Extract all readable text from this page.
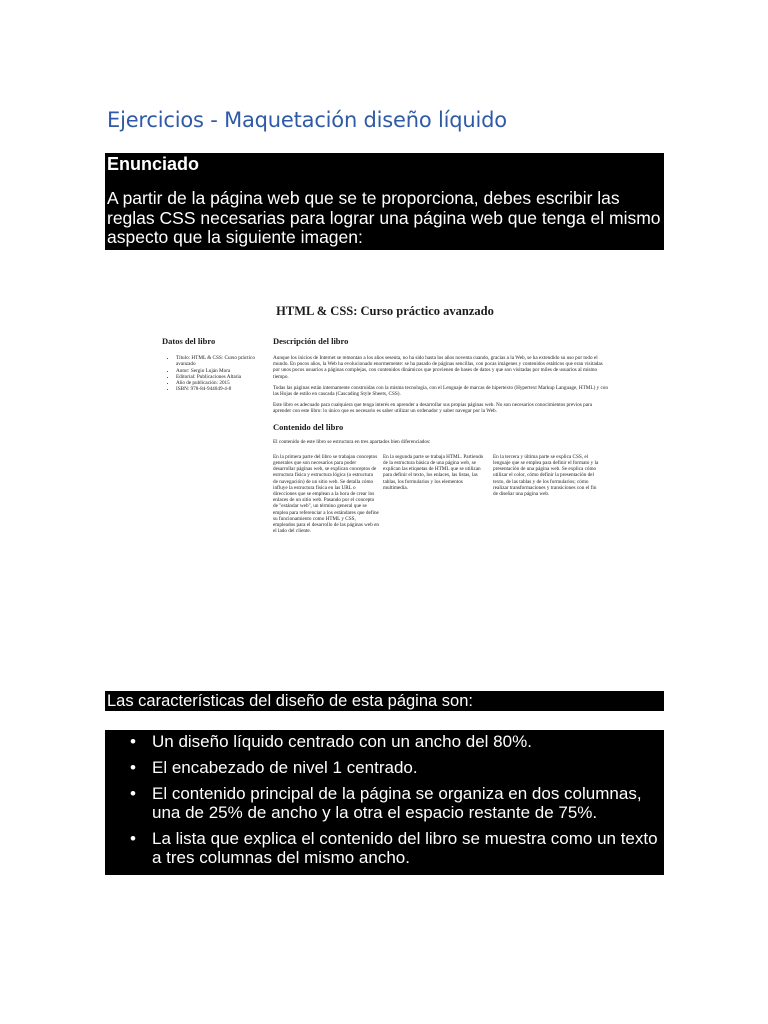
Ejercicios - Maquetación diseño líquido
Enunciado
A partir de la página web que se te proporciona, debes escribir las reglas CSS necesarias para lograr una página web que tenga el mismo aspecto que la siguiente imagen:
HTML & CSS: Curso práctico avanzado
Datos del libro
• Título: HTML & CSS: Curso práctico avanzado
• Autor: Sergio Luján Mora
• Editorial: Publicaciones Altaria
• Año de publicación: 2015
• ISBN: 978-84-944049-4-8
Descripción del libro

Aunque los inicios de Internet se remontan a los años sesenta, no ha sido hasta los años noventa cuando, gracias a la Web, se ha extendido su uso por todo el mundo. En pocos años, la Web ha evolucionado enormemente: se ha pasado de páginas sencillas, con pocas imágenes y contenidos estáticos que eran visitadas por unos pocos usuarios a páginas complejas, con contenidos dinámicos que provienen de bases de datos y que son visitadas por miles de usuarios al mismo tiempo.

Todas las páginas están internamente construidas con la misma tecnología, con el Lenguaje de marcas de hipertexto (Hypertext Markup Language, HTML) y con las Hojas de estilo en cascada (Cascading Style Sheets, CSS).

Este libro es adecuado para cualquiera que tenga interés en aprender a desarrollar sus propias páginas web. No son necesarios conocimientos previos para aprender con este libro: lo único que es necesario es saber utilizar un ordenador y saber navegar por la Web.

Contenido del libro

El contenido de este libro se estructura en tres apartados bien diferenciados:

En la primera parte del libro se trabajan conceptos generales que son necesarios para poder desarrollar páginas web, se explican conceptos de estructura física y estructura lógica (o estructura de navegación) de un sitio web. Se detalla cómo influye la estructura física en las URL o direcciones que se emplean a la hora de crear los enlaces de un sitio web. Pasando por el concepto de "estándar web", un término general que se emplea para referenciar a los estándares que define su funcionamiento como HTML y CSS, empleados para el desarrollo de las páginas web en el lado del cliente.

En la segunda parte se trabaja HTML. Partiendo de la estructura básica de una página web, se explican las etiquetas de HTML que se utilizan para definir el texto, los enlaces, las listas, las tablas, los formularios y los elementos multimedia.

En la tercera y última parte se explica CSS, el lenguaje que se emplea para definir el formato y la presentación de una página web. Se explica cómo utilizar el color, cómo definir la presentación del texto, de las tablas y de los formularios; cómo realizar transformaciones y transiciones con el fin de diseñar una página web.

Las características del diseño de esta página son:
• Un diseño líquido centrado con un ancho del 80%.
• El encabezado de nivel 1 centrado.
• El contenido principal de la página se organiza en dos columnas, una de 25% de ancho y la otra el espacio restante de 75%.
• La lista que explica el contenido del libro se muestra como un texto a tres columnas del mismo ancho.
